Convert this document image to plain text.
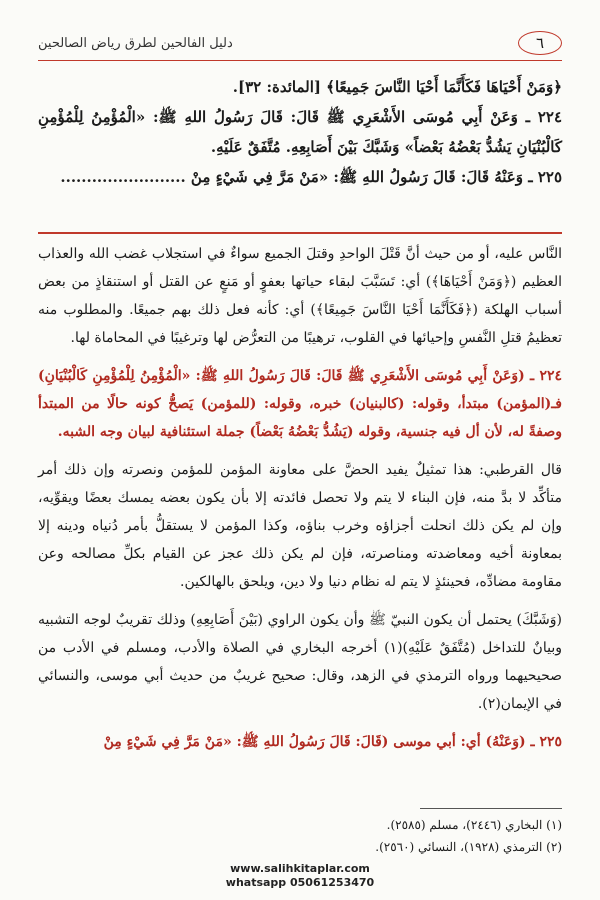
٦
دليل الفالحين لطرق رياض الصالحين
﴿وَمَنْ أَحْيَاهَا فَكَأَنَّمَا أَحْيَا النَّاسَ جَمِيعًا﴾ [المائدة: ٣٢].
٢٢٤ ـ وَعَنْ أَبِي مُوسَى الأَشْعَرِي ﷺ قَالَ: قَالَ رَسُولُ اللهِ ﷺ: «الْمُؤْمِنُ لِلْمُؤْمِنِ كَالْبُنْيَانِ يَشُدُّ بَعْضُهُ بَعْضاً» وَشَبَّكَ بَيْنَ أَصَابِعِهِ. مُتَّفَقٌ عَلَيْهِ.
٢٢٥ ـ وَعَنْهُ قَالَ: قَالَ رَسُولُ اللهِ ﷺ: «مَنْ مَرَّ فِي شَيْءٍ مِنْ ........................

النَّاس عليه، أو من حيث أنَّ قَتْلَ الواحدِ وقتلَ الجميع سواءٌ في استجلاب غضب الله والعذاب العظيم (﴿وَمَنْ أَحْيَاهَا﴾) أي: تَسَبَّبَ لبقاء حياتها بعفوٍ أو مَنعٍ عن القتل أو استنقاذٍ من بعض أسباب الهلكة (﴿فَكَأَنَّمَا أَحْيَا النَّاسَ جَمِيعًا﴾) أي: كأنه فعل ذلك بهم جميعًا. والمطلوب منه تعظيمُ قتلِ النَّفسِ وإحيائها في القلوب، ترهيبًا من التعرُّض لها وترغيبًا في المحاماة لها.

٢٢٤ ـ (وَعَنْ أَبِي مُوسَى الأَشْعَرِي ﷺ قَالَ: قَالَ رَسُولُ اللهِ ﷺ: «الْمُؤْمِنُ لِلْمُؤْمِنِ كَالْبُنْيَانِ) فـ(المؤمن) مبتدأ، وقوله: (كالبنيان) خبره، وقوله: (للمؤمن) يَصحُّ كونه حالًا من المبتدأ وصفةً له، لأن أل فيه جنسية، وقوله (يَشُدُّ بَعْضُهُ بَعْضاً) جملة استئنافية لبيان وجه الشبه.

قال القرطبي: هذا تمثيلٌ يفيد الحضَّ على معاونة المؤمن للمؤمن ونصرته وإن ذلك أمر متأكِّد لا بدَّ منه، فإن البناء لا يتم ولا تحصل فائدته إلا بأن يكون بعضه يمسك بعضًا ويقوِّيه، وإن لم يكن ذلك انحلت أجزاؤه وخرب بناؤه، وكذا المؤمن لا يستقلُّ بأمر دُنياه ودينه إلا بمعاونة أخيه ومعاضدته ومناصرته، فإن لم يكن ذلك عجز عن القيام بكلِّ مصالحه وعن مقاومة مضادِّه، فحينئذٍ لا يتم له نظام دنيا ولا دين، ويلحق بالهالكين.

(وَشَبَّكَ) يحتمل أن يكون النبيّ ﷺ وأن يكون الراوي (بَيْنَ أَصَابِعِهِ) وذلك تقريبٌ لوجه التشبيه وبيانٌ للتداخل (مُتَّفَقٌ عَلَيْهِ)(١) أخرجه البخاري في الصلاة والأدب، ومسلم في الأدب من صحيحيهما ورواه الترمذي في الزهد، وقال: صحيح غريبٌ من حديث أبي موسى، والنسائي في الإيمان(٢).

٢٢٥ ـ (وَعَنْهُ) أي: أبي موسى (قَالَ: قَالَ رَسُولُ اللهِ ﷺ: «مَنْ مَرَّ فِي شَيْءٍ مِنْ

(١) البخاري (٢٤٤٦)، مسلم (٢٥٨٥).
(٢) الترمذي (١٩٢٨)، النسائي (٢٥٦٠).
www.salihkitaplar.com
whatsapp 05061253470
